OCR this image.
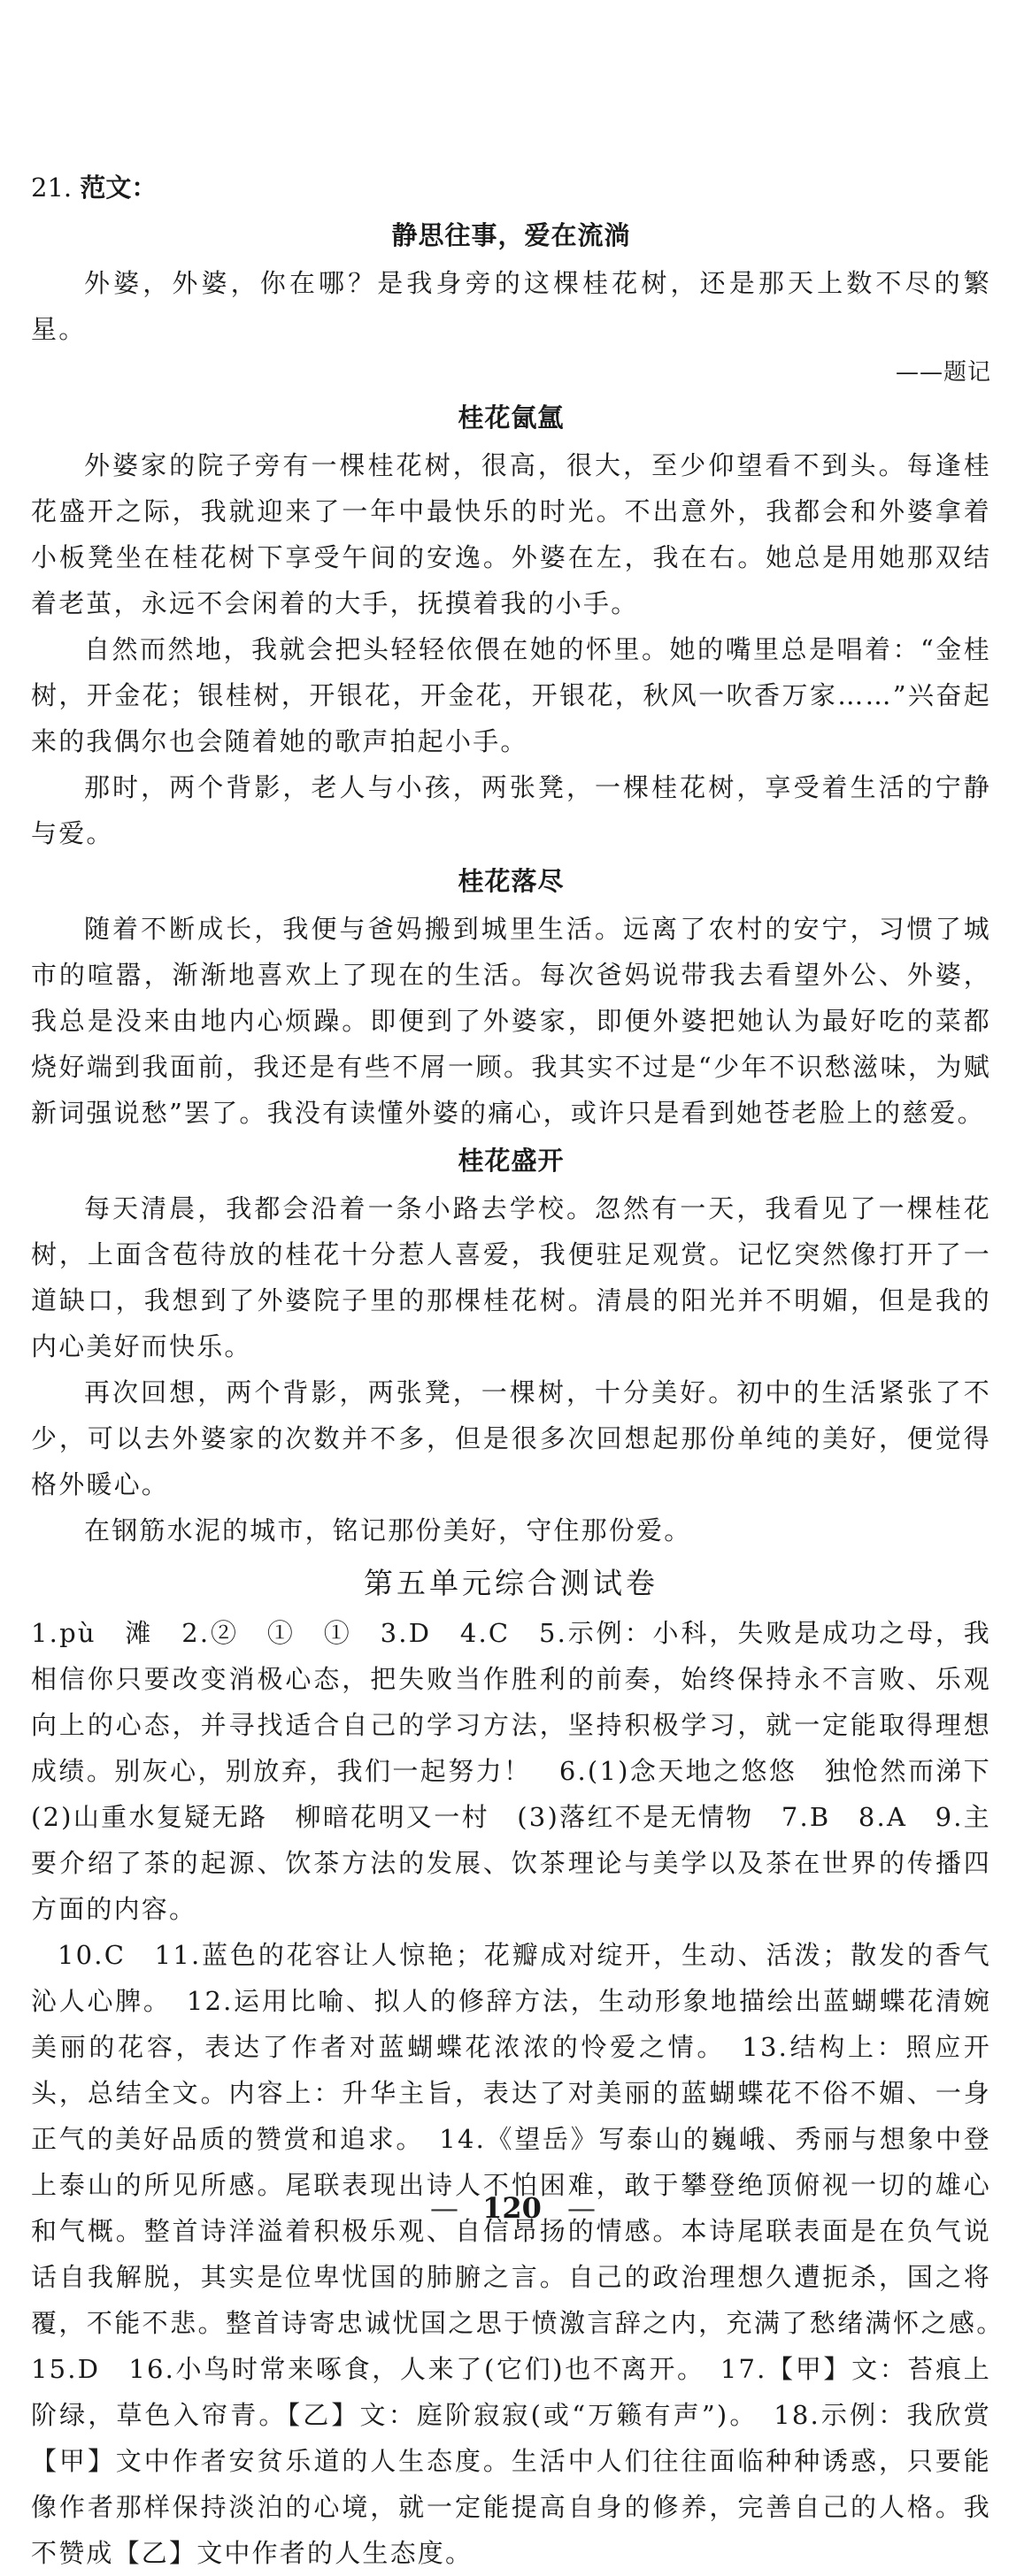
21. 范文：
静思往事，爱在流淌

外婆，外婆，你在哪？是我身旁的这棵桂花树，还是那天上数不尽的繁星。

——题记
桂花氤氲

外婆家的院子旁有一棵桂花树，很高，很大，至少仰望看不到头。每逢桂花盛开之际，我就迎来了一年中最快乐的时光。不出意外，我都会和外婆拿着小板凳坐在桂花树下享受午间的安逸。外婆在左，我在右。她总是用她那双结着老茧，永远不会闲着的大手，抚摸着我的小手。

自然而然地，我就会把头轻轻依偎在她的怀里。她的嘴里总是唱着：“金桂树，开金花；银桂树，开银花，开金花，开银花，秋风一吹香万家……”兴奋起来的我偶尔也会随着她的歌声拍起小手。

那时，两个背影，老人与小孩，两张凳，一棵桂花树，享受着生活的宁静与爱。

桂花落尽

随着不断成长，我便与爸妈搬到城里生活。远离了农村的安宁，习惯了城市的喧嚣，渐渐地喜欢上了现在的生活。每次爸妈说带我去看望外公、外婆，我总是没来由地内心烦躁。即便到了外婆家，即便外婆把她认为最好吃的菜都烧好端到我面前，我还是有些不屑一顾。我其实不过是“少年不识愁滋味，为赋新词强说愁”罢了。我没有读懂外婆的痛心，或许只是看到她苍老脸上的慈爱。

桂花盛开

每天清晨，我都会沿着一条小路去学校。忽然有一天，我看见了一棵桂花树，上面含苞待放的桂花十分惹人喜爱，我便驻足观赏。记忆突然像打开了一道缺口，我想到了外婆院子里的那棵桂花树。清晨的阳光并不明媚，但是我的内心美好而快乐。

再次回想，两个背影，两张凳，一棵树，十分美好。初中的生活紧张了不少，可以去外婆家的次数并不多，但是很多次回想起那份单纯的美好，便觉得格外暖心。

在钢筋水泥的城市，铭记那份美好，守住那份爱。

第五单元综合测试卷

1.pù　滩　2.②　①　①　3.D　4.C　5.示例：小科，失败是成功之母，我相信你只要改变消极心态，把失败当作胜利的前奏，始终保持永不言败、乐观向上的心态，并寻找适合自己的学习方法，坚持积极学习，就一定能取得理想成绩。别灰心，别放弃，我们一起努力！　6.(1)念天地之悠悠　独怆然而涕下　(2)山重水复疑无路　柳暗花明又一村　(3)落红不是无情物　7.B　8.A　9.主要介绍了茶的起源、饮茶方法的发展、饮茶理论与美学以及茶在世界的传播四方面的内容。

10.C　11.蓝色的花容让人惊艳；花瓣成对绽开，生动、活泼；散发的香气沁人心脾。　12.运用比喻、拟人的修辞方法，生动形象地描绘出蓝蝴蝶花清婉美丽的花容，表达了作者对蓝蝴蝶花浓浓的怜爱之情。　13.结构上：照应开头，总结全文。内容上：升华主旨，表达了对美丽的蓝蝴蝶花不俗不媚、一身正气的美好品质的赞赏和追求。　14.《望岳》写泰山的巍峨、秀丽与想象中登上泰山的所见所感。尾联表现出诗人不怕困难，敢于攀登绝顶俯视一切的雄心和气概。整首诗洋溢着积极乐观、自信昂扬的情感。本诗尾联表面是在负气说话自我解脱，其实是位卑忧国的肺腑之言。自己的政治理想久遭扼杀，国之将覆，不能不悲。整首诗寄忠诚忧国之思于愤激言辞之内，充满了愁绪满怀之感。　15.D　16.小鸟时常来啄食，人来了(它们)也不离开。　17.【甲】文：苔痕上阶绿，草色入帘青。【乙】文：庭阶寂寂(或“万籁有声”)。　18.示例：我欣赏【甲】文中作者安贫乐道的人生态度。生活中人们往往面临种种诱惑，只要能像作者那样保持淡泊的心境，就一定能提高自身的修养，完善自己的人格。我不赞成【乙】文中作者的人生态度。

— 120 —
